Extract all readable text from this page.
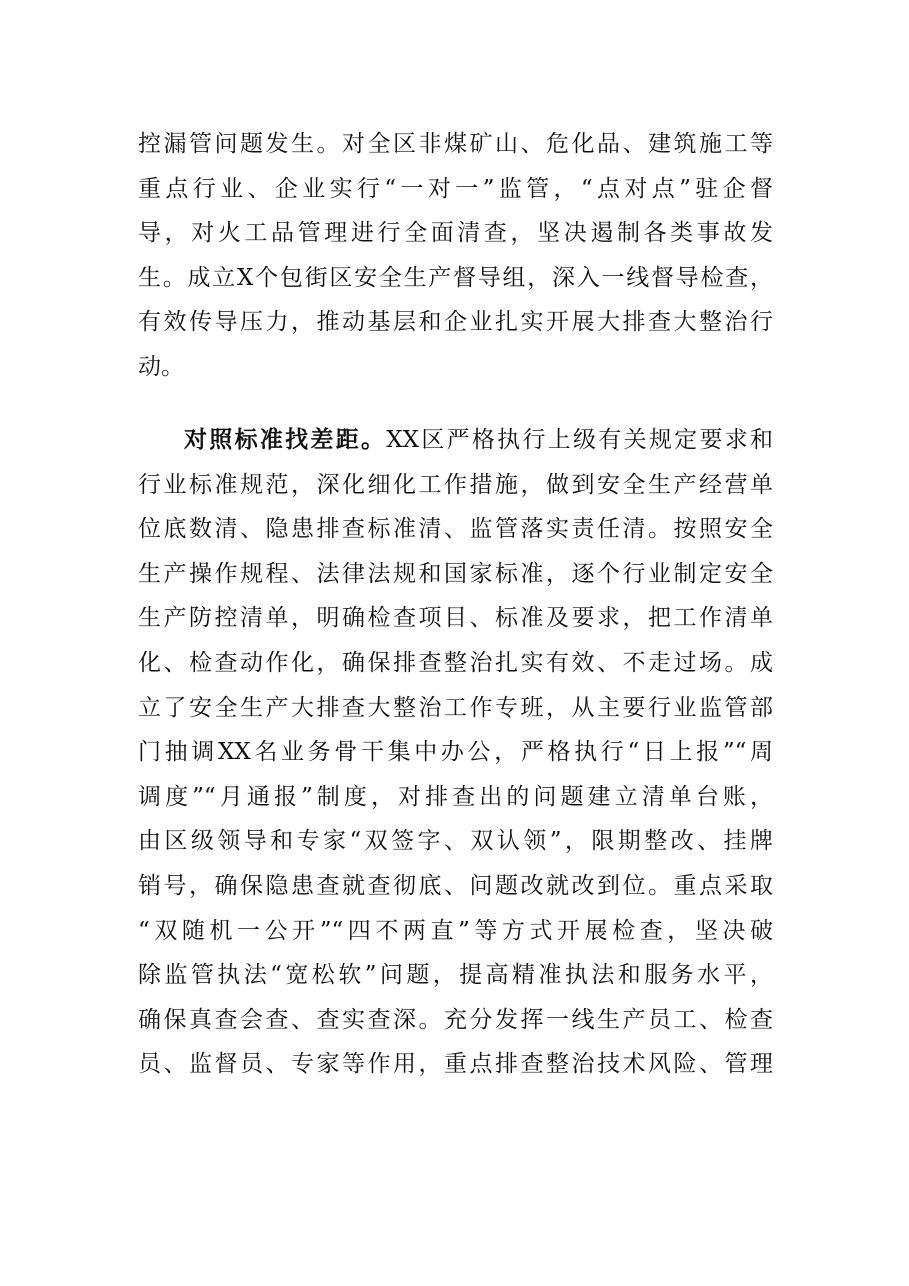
控漏管问题发生。对全区非煤矿山、危化品、建筑施工等
重点行业、企业实行“一对一”监管，“点对点”驻企督
导，对火工品管理进行全面清查，坚决遏制各类事故发
生。成立X个包街区安全生产督导组，深入一线督导检查，
有效传导压力，推动基层和企业扎实开展大排查大整治行
动。
对照标准找差距。XX区严格执行上级有关规定要求和
行业标准规范，深化细化工作措施，做到安全生产经营单
位底数清、隐患排查标准清、监管落实责任清。按照安全
生产操作规程、法律法规和国家标准，逐个行业制定安全
生产防控清单，明确检查项目、标准及要求，把工作清单
化、检查动作化，确保排查整治扎实有效、不走过场。成
立了安全生产大排查大整治工作专班，从主要行业监管部
门抽调XX名业务骨干集中办公，严格执行“日上报”“周
调度”“月通报”制度，对排查出的问题建立清单台账，
由区级领导和专家“双签字、双认领”，限期整改、挂牌
销号，确保隐患查就查彻底、问题改就改到位。重点采取
“双随机一公开”“四不两直”等方式开展检查，坚决破
除监管执法“宽松软”问题，提高精准执法和服务水平，
确保真查会查、查实查深。充分发挥一线生产员工、检查
员、监督员、专家等作用，重点排查整治技术风险、管理
